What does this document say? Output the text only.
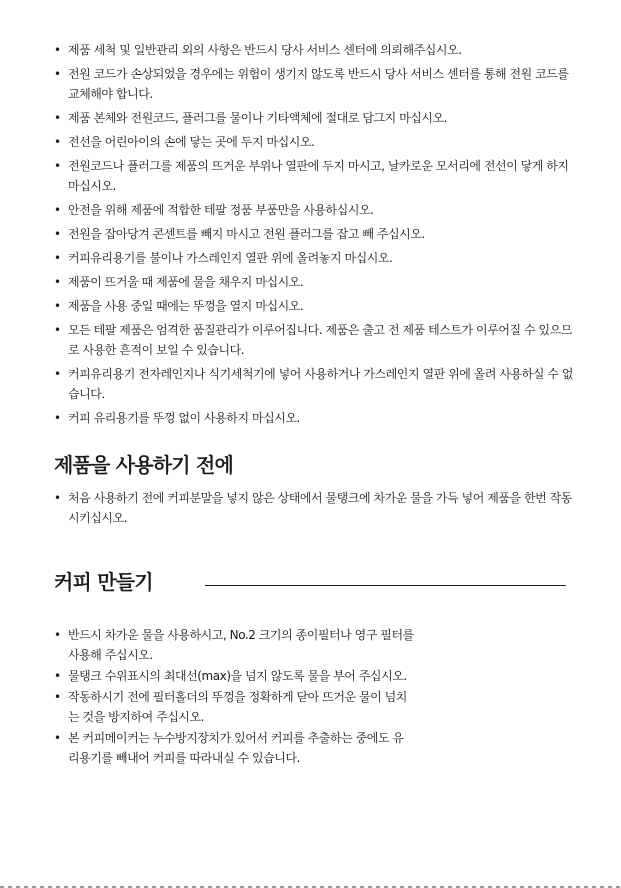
• 제품 세척 및 일반관리 외의 사항은 반드시 당사 서비스 센터에 의뢰해주십시오.
• 전원 코드가 손상되었을 경우에는 위험이 생기지 않도록 반드시 당사 서비스 센터를 통해 전원 코드를 교체해야 합니다.
• 제품 본체와 전원코드, 플러그를 물이나 기타액체에 절대로 담그지 마십시오.
• 전선을 어린아이의 손에 닿는 곳에 두지 마십시오.
• 전원코드나 플러그를 제품의 뜨거운 부위나 열판에 두지 마시고, 날카로운 모서리에 전선이 닿게 하지 마십시오.
• 안전을 위해 제품에 적합한 테팔 정품 부품만을 사용하십시오.
• 전원을 잡아당겨 콘센트를 빼지 마시고 전원 플러그를 잡고 빼 주십시오.
• 커피유리용기를 불이나 가스레인지 열판 위에 올려놓지 마십시오.
• 제품이 뜨거울 때 제품에 물을 채우지 마십시오.
• 제품을 사용 중일 때에는 뚜껑을 열지 마십시오.
• 모든 테팔 제품은 엄격한 품질관리가 이루어집니다. 제품은 출고 전 제품 테스트가 이루어질 수 있으므로 사용한 흔적이 보일 수 있습니다.
• 커피유리용기 전자레인지나 식기세척기에 넣어 사용하거나 가스레인지 열판 위에 올려 사용하실 수 없습니다.
• 커피 유리용기를 뚜껑 없이 사용하지 마십시오.
제품을 사용하기 전에
• 처음 사용하기 전에 커피분말을 넣지 않은 상태에서 물탱크에 차가운 물을 가득 넣어 제품을 한번 작동시키십시오.
커피 만들기
• 반드시 차가운 물을 사용하시고, No.2 크기의 종이필터나 영구 필터를 사용해 주십시오.
• 물탱크 수위표시의 최대선(max)을 넘지 않도록 물을 부어 주십시오.
• 작동하시기 전에 필터홀더의 뚜껑을 정확하게 닫아 뜨거운 물이 넘치는 것을 방지하여 주십시오.
• 본 커피메이커는 누수방지장치가 있어서 커피를 추출하는 중에도 유리용기를 빼내어 커피를 따라내실 수 있습니다.
